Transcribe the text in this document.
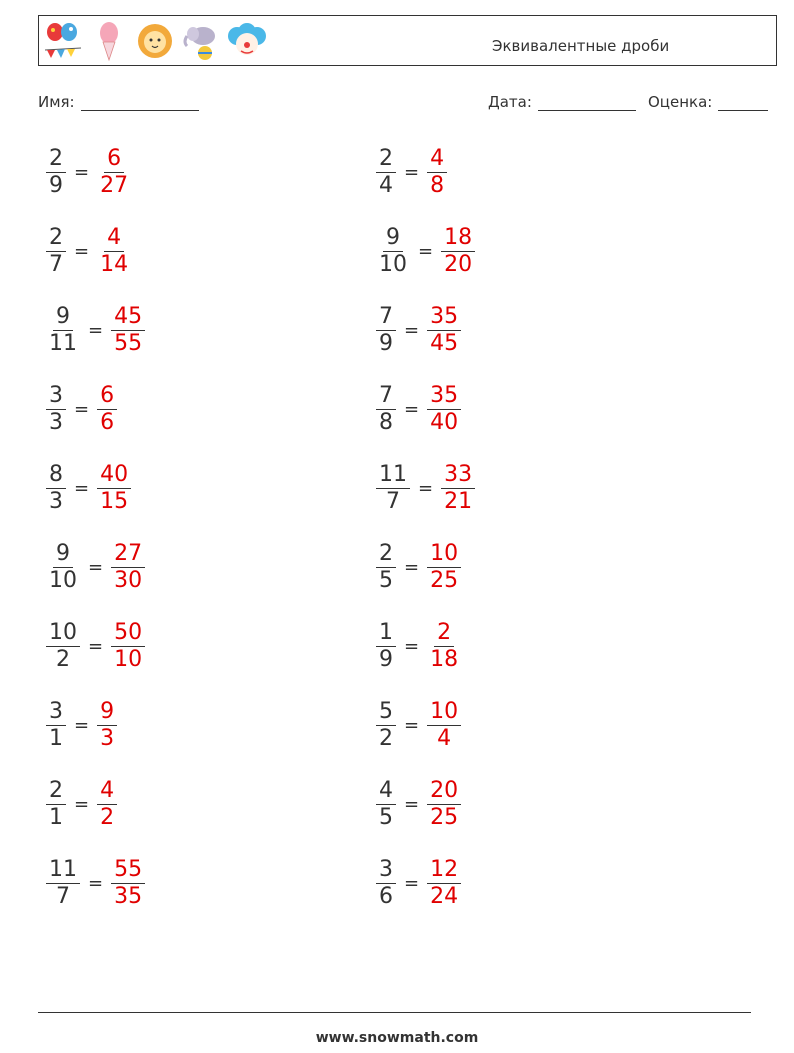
Эквивалентные дроби
Имя:	Дата:	Оценка:
$\frac{2}{9} = \frac{6}{27}$
$\frac{2}{7} = \frac{4}{14}$
$\frac{9}{11} = \frac{45}{55}$
$\frac{3}{3} = \frac{6}{6}$
$\frac{8}{3} = \frac{40}{15}$
$\frac{9}{10} = \frac{27}{30}$
$\frac{10}{2} = \frac{50}{10}$
$\frac{3}{1} = \frac{9}{3}$
$\frac{2}{1} = \frac{4}{2}$
$\frac{11}{7} = \frac{55}{35}$
$\frac{2}{4} = \frac{4}{8}$
$\frac{9}{10} = \frac{18}{20}$
$\frac{7}{9} = \frac{35}{45}$
$\frac{7}{8} = \frac{35}{40}$
$\frac{11}{7} = \frac{33}{21}$
$\frac{2}{5} = \frac{10}{25}$
$\frac{1}{9} = \frac{2}{18}$
$\frac{5}{2} = \frac{10}{4}$
$\frac{4}{5} = \frac{20}{25}$
$\frac{3}{6} = \frac{12}{24}$
www.snowmath.com
